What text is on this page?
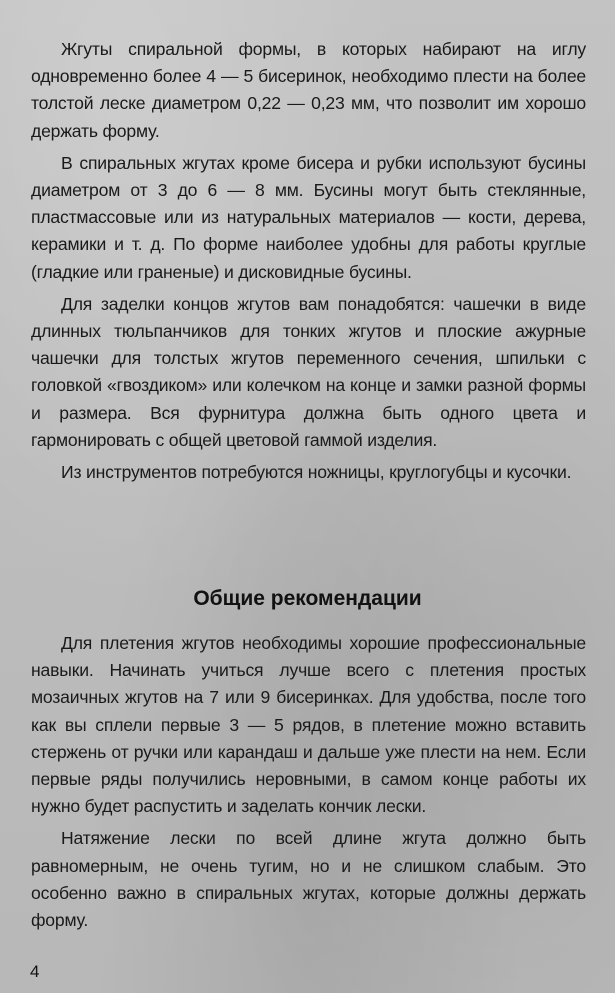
Жгуты спиральной формы, в которых набирают на иглу одновременно более 4 — 5 бисеринок, необходимо плести на более толстой леске диаметром 0,22 — 0,23 мм, что позволит им хорошо держать форму.

В спиральных жгутах кроме бисера и рубки используют бусины диаметром от 3 до 6 — 8 мм. Бусины могут быть стеклянные, пластмассовые или из натуральных материалов — кости, дерева, керамики и т. д. По форме наиболее удобны для работы круглые (гладкие или граненые) и дисковидные бусины.

Для заделки концов жгутов вам понадобятся: чашечки в виде длинных тюльпанчиков для тонких жгутов и плоские ажурные чашечки для толстых жгутов переменного сечения, шпильки с головкой «гвоздиком» или колечком на конце и замки разной формы и размера. Вся фурнитура должна быть одного цвета и гармонировать с общей цветовой гаммой изделия.

Из инструментов потребуются ножницы, круглогубцы и кусочки.

Общие рекомендации

Для плетения жгутов необходимы хорошие профессиональные навыки. Начинать учиться лучше всего с плетения простых мозаичных жгутов на 7 или 9 бисеринках. Для удобства, после того как вы сплели первые 3 — 5 рядов, в плетение можно вставить стержень от ручки или карандаш и дальше уже плести на нем. Если первые ряды получились неровными, в самом конце работы их нужно будет распустить и заделать кончик лески.

Натяжение лески по всей длине жгута должно быть равномерным, не очень тугим, но и не слишком слабым. Это особенно важно в спиральных жгутах, которые должны держать форму.

4
